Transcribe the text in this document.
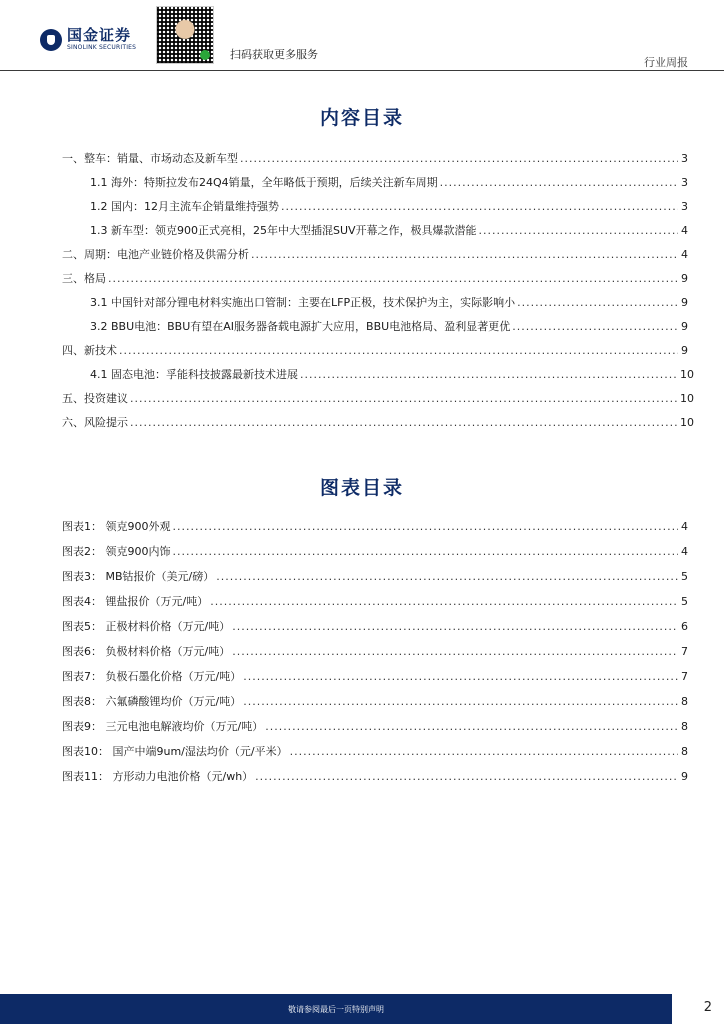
国金证券
SINOLINK SECURITIES
扫码获取更多服务
行业周报
内容目录
一、整车：销量、市场动态及新车型 .....	3
1.1 海外：特斯拉发布24Q4销量，全年略低于预期，后续关注新车周期 .....	3
1.2 国内：12月主流车企销量维持强势 .....	3
1.3 新车型：领克900正式亮相，25年中大型插混SUV开幕之作，极具爆款潜能 .....	4
二、周期：电池产业链价格及供需分析 .....	4
三、格局 .....	9
3.1 中国针对部分锂电材料实施出口管制：主要在LFP正极，技术保护为主，实际影响小 .....	9
3.2 BBU电池：BBU有望在AI服务器备载电源扩大应用，BBU电池格局、盈利显著更优 .....	9
四、新技术 .....	9
4.1 固态电池：孚能科技披露最新技术进展 .....	10
五、投资建议 .....	10
六、风险提示 .....	10
图表目录
图表1： 领克900外观 .....	4
图表2： 领克900内饰 .....	4
图表3： MB钴报价（美元/磅） .....	5
图表4： 锂盐报价（万元/吨） .....	5
图表5： 正极材料价格（万元/吨） .....	6
图表6： 负极材料价格（万元/吨） .....	7
图表7： 负极石墨化价格（万元/吨） .....	7
图表8： 六氟磷酸锂均价（万元/吨） .....	8
图表9： 三元电池电解液均价（万元/吨） .....	8
图表10： 国产中端9um/湿法均价（元/平米） .....	8
图表11： 方形动力电池价格（元/wh） .....	9
敬请参阅最后一页特别声明	2
